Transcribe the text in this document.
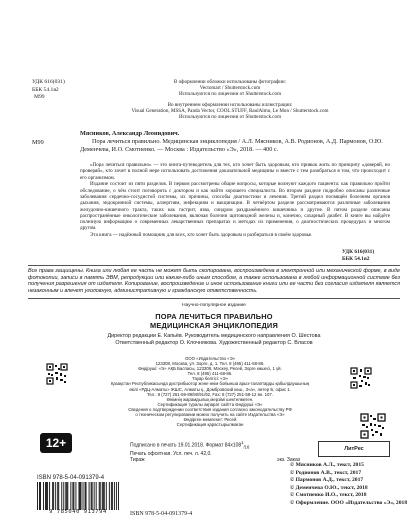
УДК 616(031)
ББК 54.1я2
М99
В оформлении обложки использованы фотографии:
Vectomart / Shutterstock.com
Используются по лицензии от Shutterstock.com
Во внутреннем оформлении использованы иллюстрации:
Visual Generation, MSSA, Panda Vector, COOL STUFF, RaulAlmu, Le Mon / Shutterstock.com
Используются по лицензии от Shutterstock.com
Мясников, Александр Леонидович.
М99	Пора лечиться правильно. Медицинская энциклопедия / А.Л. Мясников, А.В. Родионов, А.Д. Пармонов, О.Ю. Деменчева, И.О. Смотненко. — Москва : Издательство «Э», 2018. — 400 с.

«Пора лечиться правильно» — это книга-путеводитель для тех, кто хочет быть здоровым, кто привык жить по принципу «доверяй, но проверяй», кто хочет в полной мере использовать достижения доказательной медицины и вместе с тем разобраться в том, что происходит с его организмом.

Издание состоит из пяти разделов. В первом рассмотрены общие вопросы, которые волнуют каждого пациента: как правильно пройти обследование, о чём стоит поговорить с доктором и как найти хорошего специалиста. Во втором разделе подробно описаны различные заболевания сердечно-сосудистой системы, их причины, способы диагностики и лечения. Третий раздел посвящён болезням органов дыхания, эндокринной системы, аллергиям, инфекциям и вакцинации. В четвёртом разделе рассматриваются различные заболевания желудочно-кишечного тракта, таких как гастрит, язва, синдром раздражённого кишечника и другие. В пятом разделе описаны распространённые онкологические заболевания, включая болезни щитовидной железы и, конечно, сахарный диабет. В книге вы найдёте полезную информацию о современных лекарственных препаратах и методах их применения, о диагностических процедурах и многом другом.

Эта книга — надёжный помощник для всех, кто хочет быть здоровым и разбираться в своём здоровье.

УДК 616(031)
ББК 54.1я2
Все права защищены. Книга или любая ее часть не может быть скопирована, воспроизведена в электронной или механической форме, в виде фотокопии, записи в память ЭВМ, репродукции или каким-либо иным способом, а также использована в любой информационной системе без получения разрешения от издателя. Копирование, воспроизведение и иное использование книги или ее части без согласия издателя является незаконным и влечет уголовную, административную и гражданскую ответственность.
Научно-популярное издание
ПОРА ЛЕЧИТЬСЯ ПРАВИЛЬНО
МЕДИЦИНСКАЯ ЭНЦИКЛОПЕДИЯ
Директор редакции Е. Капьёв. Руководитель медицинского направления О. Шестова
Ответственный редактор О. Клочнякова. Художественный редактор С. Власов
ООО «Издательство «Э»
123308, Москва, ул. Зорге, д. 1. Тел. 8 (495) 411-68-86.
Өндіруші: «Э» АҚБ Баспасы, 123308, Мәскеу, Ресей, Зорге көшесі, 1 үй.
Тел. 8 (495) 411-68-86.
Тауар белгісі: «Э»
Қазақстан Республикасында дистрибьютор және өнім бойынша арыз-талаптарды қабылдаушының
өкілі «РДЦ-Алматы» ЖШС, Алматы қ., Домбровский көш., 3«а», литер Б, офис 1.
Тел.: 8 (727) 251-59-89/90/91/92, Fax: 8 (727) 251-58-12 вн. 107.
Өнімнің жарамдылық мерзімі шектелмеген.
Сертификация туралы ақпарат сайтта Өндіруші «Э»
Сведения о подтверждении соответствия издания согласно законодательству РФ
о техническом регулировании можно получить на сайте Издательства «Э»
Өндірген мемлекет: Ресей
Сертификация қарастырылмаған
12+	Подписано в печать 19.01.2018. Формат $84x108^1_{/16}$
Печать офсетная. Усл. печ. л. 42,0.
Тираж	экз. Заказ
ЛитРес
ISBN 978-5-04-091379-4
9 785040 913794	ISBN 978-5-04-091379-4
© Мясников А.Л., текст, 2015
© Родионов А.В., текст, 2017
© Пармонов А.Д., текст, 2017
© Деменчева О.Ю., текст, 2018
© Смотненко И.О., текст, 2018
© Оформление. ООО «Издательство «Э», 2018
